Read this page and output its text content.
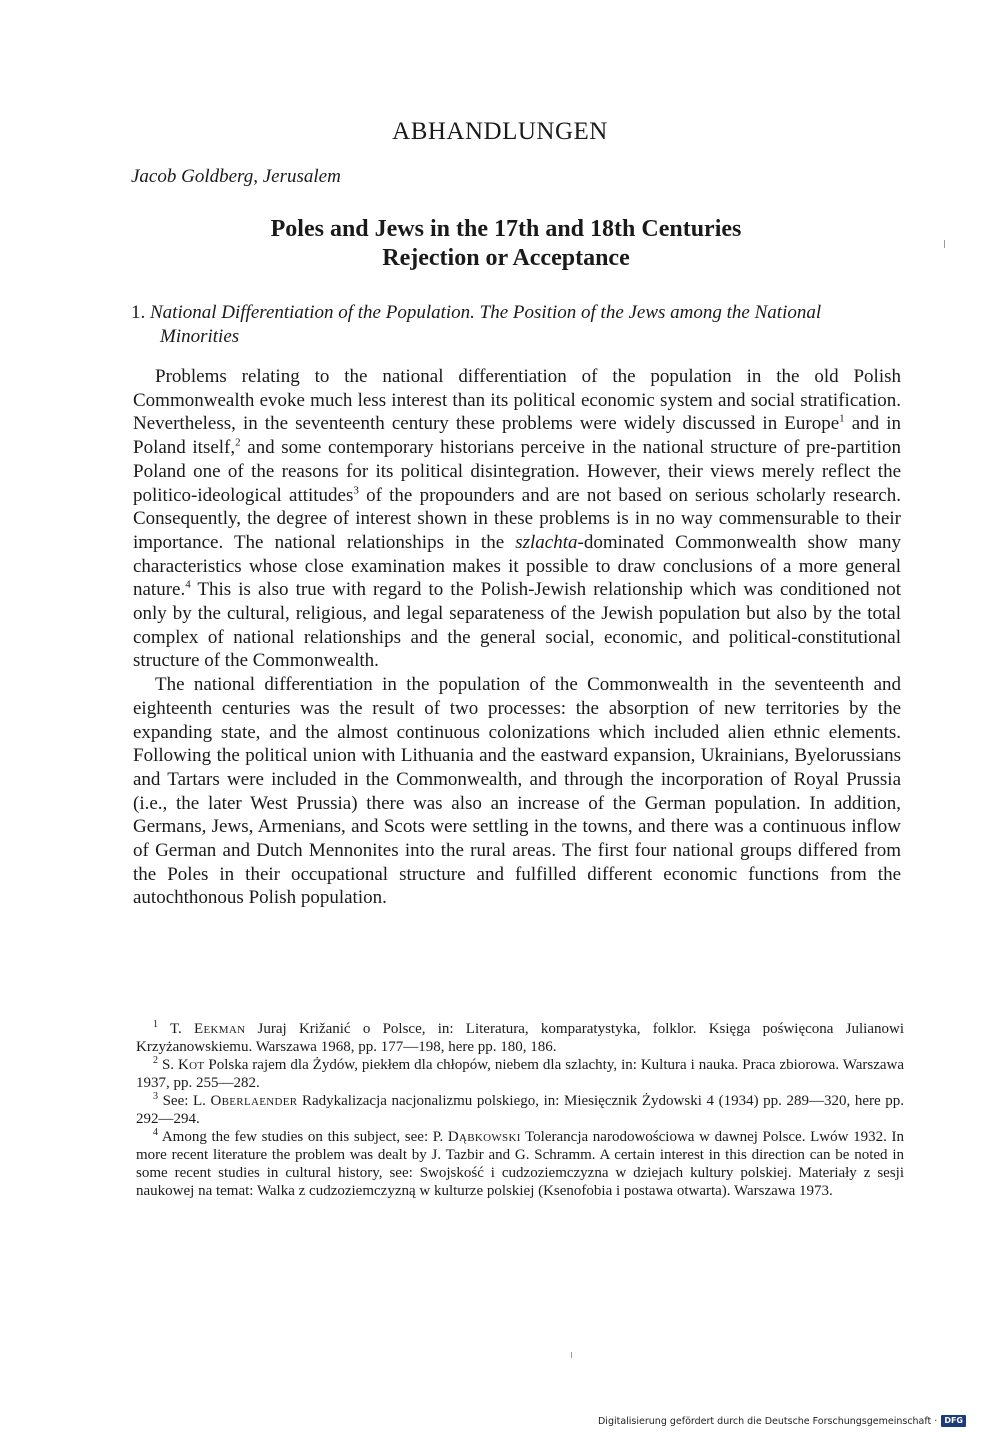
ABHANDLUNGEN

Jacob Goldberg, Jerusalem

Poles and Jews in the 17th and 18th Centuries
Rejection or Acceptance
1. National Differentiation of the Population. The Position of the Jews among the National
Minorities

Problems relating to the national differentiation of the population in the old Polish Commonwealth evoke much less interest than its political economic system and social stratification. Nevertheless, in the seventeenth century these problems were widely discussed in Europe$^1$ and in Poland itself,$^2$ and some contemporary historians perceive in the national structure of pre-partition Poland one of the reasons for its political disintegration. However, their views merely reflect the politico-ideological attitudes$^3$ of the propounders and are not based on serious scholarly research. Consequently, the degree of interest shown in these problems is in no way commensurable to their importance. The national relationships in the szlachta-dominated Commonwealth show many characteristics whose close examination makes it possible to draw conclusions of a more general nature.$^4$ This is also true with regard to the Polish-Jewish relationship which was conditioned not only by the cultural, religious, and legal separateness of the Jewish population but also by the total complex of national relationships and the general social, economic, and political-constitutional structure of the Commonwealth.

The national differentiation in the population of the Commonwealth in the seventeenth and eighteenth centuries was the result of two processes: the absorption of new territories by the expanding state, and the almost continuous colonizations which included alien ethnic elements. Following the political union with Lithuania and the eastward expansion, Ukrainians, Byelorussians and Tartars were included in the Commonwealth, and through the incorporation of Royal Prussia (i.e., the later West Prussia) there was also an increase of the German population. In addition, Germans, Jews, Armenians, and Scots were settling in the towns, and there was a continuous inflow of German and Dutch Mennonites into the rural areas. The first four national groups differed from the Poles in their occupational structure and fulfilled different economic functions from the autochthonous Polish population.

$^1$ T. Eekman Juraj Križanić o Polsce, in: Literatura, komparatystyka, folklor. Księga poświęcona Julianowi Krzyżanowskiemu. Warszawa 1968, pp. 177—198, here pp. 180, 186.

$^2$ S. Kot Polska rajem dla Żydów, piekłem dla chłopów, niebem dla szlachty, in: Kultura i nauka. Praca zbiorowa. Warszawa 1937, pp. 255—282.

$^3$ See: L. Oberlaender Radykalizacja nacjonalizmu polskiego, in: Miesięcznik Żydowski 4 (1934) pp. 289—320, here pp. 292—294.

$^4$ Among the few studies on this subject, see: P. Dąbkowski Tolerancja narodowościowa w dawnej Polsce. Lwów 1932. In more recent literature the problem was dealt by J. Tazbir and G. Schramm. A certain interest in this direction can be noted in some recent studies in cultural history, see: Swojskość i cudzoziemczyzna w dziejach kultury polskiej. Materiały z sesji naukowej na temat: Walka z cudzoziemczyzną w kulturze polskiej (Ksenofobia i postawa otwarta). Warszawa 1973.

Digitalisierung gefördert durch die Deutsche Forschungsgemeinschaft · DFG
